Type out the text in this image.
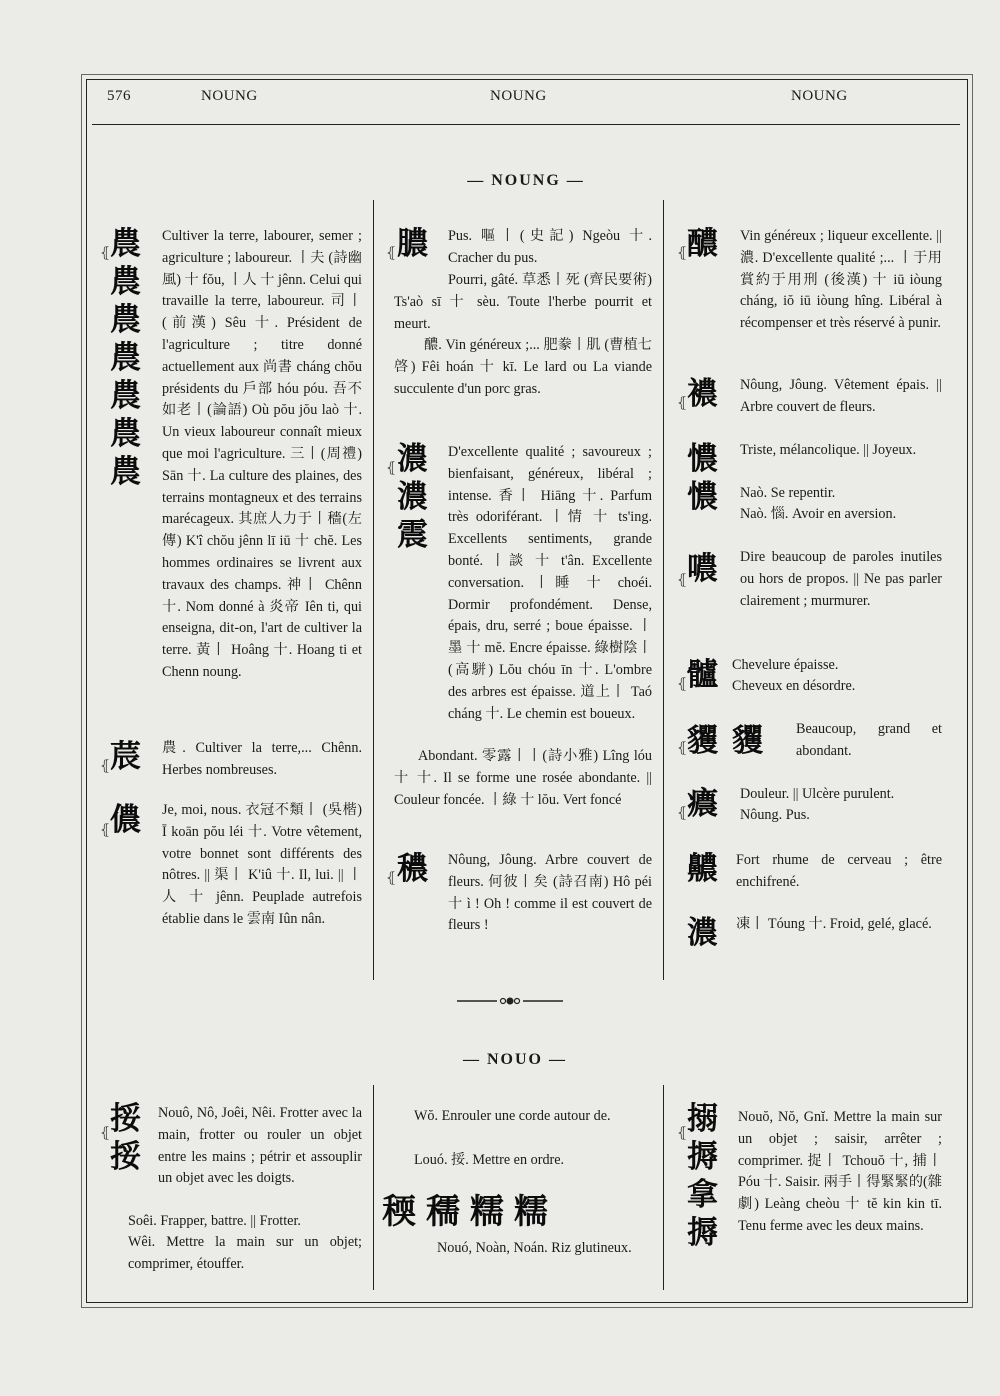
576	NOUNG	NOUNG	NOUNG
— NOUNG —
— NOUO —
農
農
農
農
農
農
農
⦃
Cultiver la terre, labourer, semer ; agriculture ; laboureur. 丨夫 (詩幽風) 十 fŏu, 丨人 十 jênn. Celui qui travaille la terre, laboureur. 司丨(前漢) Sêu 十. Président de l'agriculture ; titre donné actuellement aux 尚書 cháng chŏu présidents du 戶部 hóu póu. 吾不如老丨(論語) Où pŏu jŏu laò 十. Un vieux laboureur connaît mieux que moi l'agriculture. 三丨(周禮) Sān 十. La culture des plaines, des terrains montagneux et des terrains marécageux. 其庶人力于丨穡(左傳) K'î chŏu jênn lī iū 十 chĕ. Les hommes ordinaires se livrent aux travaux des champs. 神丨 Chênn 十. Nom donné à 炎帝 Iên ti, qui enseigna, dit-on, l'art de cultiver la terre. 黃丨 Hoâng 十. Hoang ti et Chenn noung.
莀
⦃
農. Cultiver la terre,... Chênn. Herbes nombreuses.
儂
⦃
Je, moi, nous. 衣冠不類丨 (吳楷) Ī koān pŏu léi 十. Votre vêtement, votre bonnet sont différents des nôtres. || 渠丨 K'iû 十. Il, lui. || 丨人 十 jênn. Peuplade autrefois établie dans le 雲南 Iûn nân.
挼
挼
⦃
Nouô, Nô, Joêi, Nêi. Frotter avec la main, frotter ou rouler un objet entre les mains ; pétrir et assouplir un objet avec les doigts.
Soêi. Frapper, battre. || Frotter.
Wêi. Mettre la main sur un objet; comprimer, étouffer.
膿
⦃
Pus. 嘔丨(史記) Ngeòu 十. Cracher du pus.
Pourri, gâté. 草悉丨死 (齊民要術) Ts'aò sī 十 sèu. Toute l'herbe pourrit et meurt.
醲. Vin généreux ;... 肥豢丨肌 (曹植七啓) Fêi hoán 十 kī. Le lard ou La viande succulente d'un porc gras.
濃
濃
震
⦃
D'excellente qualité ; savoureux ; bienfaisant, généreux, libéral ; intense. 香丨 Hiāng 十. Parfum très odoriférant. 丨情 十 ts'ing. Excellents sentiments, grande bonté. 丨談 十 t'ân. Excellente conversation. 丨睡 十 choéi. Dormir profondément. Dense, épais, dru, serré ; boue épaisse. 丨墨 十 mĕ. Encre épaisse. 綠樹陰丨(高駢) Lŏu chóu īn 十. L'ombre des arbres est épaisse. 道上丨 Taó cháng 十. Le chemin est boueux.
Abondant. 零露丨丨(詩小雅) Lîng lóu 十 十. Il se forme une rosée abondante. || Couleur foncée. 丨綠 十 lŏu. Vert foncé
穠
⦃
Nôung, Jôung. Arbre couvert de fleurs. 何彼丨矣 (詩召南) Hô péi 十 ì ! Oh ! comme il est couvert de fleurs !
Wŏ. Enrouler une corde autour de.
Louó. 挼. Mettre en ordre.
稬穤糯糯
Nouó, Noàn, Noán. Riz glutineux.
醲
⦃
Vin généreux ; liqueur excellente. || 濃. D'excellente qualité ;... 丨于用賞約于用刑 (後漢) 十 iū iòung cháng, iŏ iū iòung hîng. Libéral à récompenser et très réservé à punir.
襛
⦃
Nôung, Jôung. Vêtement épais. || Arbre couvert de fleurs.
憹
憹
Triste, mélancolique. || Joyeux.
Naò. Se repentir.
Naò. 惱. Avoir en aversion.
噥
⦃
Dire beaucoup de paroles inutiles ou hors de propos. || Ne pas parler clairement ; murmurer.
髗
⦃
Chevelure épaisse.
Cheveux en désordre.
貜貜
⦃
Beaucoup, grand et abondant.
癑
⦃
Douleur. || Ulcère purulent.
Nôung. Pus.
齈 Fort rhume de cerveau ; être enchifrené.
濃 凍丨 Tóung 十. Froid, gelé, glacé.
搦
搙
拿
搙
⦃
Nouŏ, Nŏ, Gnĭ. Mettre la main sur un objet ; saisir, arrêter ; comprimer. 捉丨 Tchouŏ 十, 捕丨 Póu 十. Saisir. 兩手丨得緊緊的(雜劇) Leàng cheòu 十 tĕ kin kin tī. Tenu ferme avec les deux mains.
